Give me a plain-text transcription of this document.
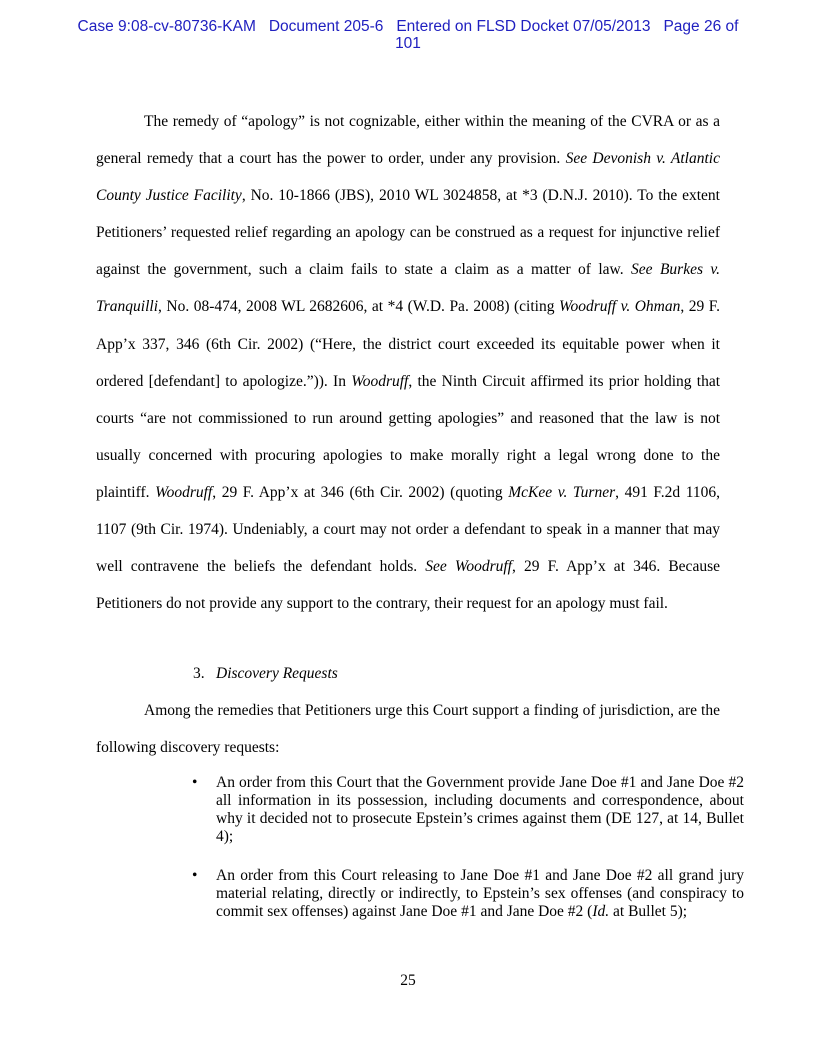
Case 9:08-cv-80736-KAM Document 205-6 Entered on FLSD Docket 07/05/2013 Page 26 of
101
The remedy of “apology” is not cognizable, either within the meaning of the CVRA or as a general remedy that a court has the power to order, under any provision. See Devonish v. Atlantic County Justice Facility, No. 10-1866 (JBS), 2010 WL 3024858, at *3 (D.N.J. 2010). To the extent Petitioners’ requested relief regarding an apology can be construed as a request for injunctive relief against the government, such a claim fails to state a claim as a matter of law. See Burkes v. Tranquilli, No. 08-474, 2008 WL 2682606, at *4 (W.D. Pa. 2008) (citing Woodruff v. Ohman, 29 F. App’x 337, 346 (6th Cir. 2002) (“Here, the district court exceeded its equitable power when it ordered [defendant] to apologize.”)). In Woodruff, the Ninth Circuit affirmed its prior holding that courts “are not commissioned to run around getting apologies” and reasoned that the law is not usually concerned with procuring apologies to make morally right a legal wrong done to the plaintiff. Woodruff, 29 F. App’x at 346 (6th Cir. 2002) (quoting McKee v. Turner, 491 F.2d 1106, 1107 (9th Cir. 1974). Undeniably, a court may not order a defendant to speak in a manner that may well contravene the beliefs the defendant holds. See Woodruff, 29 F. App’x at 346. Because Petitioners do not provide any support to the contrary, their request for an apology must fail.
3. Discovery Requests
Among the remedies that Petitioners urge this Court support a finding of jurisdiction, are the following discovery requests:
• An order from this Court that the Government provide Jane Doe #1 and Jane Doe #2 all information in its possession, including documents and correspondence, about why it decided not to prosecute Epstein’s crimes against them (DE 127, at 14, Bullet 4);
• An order from this Court releasing to Jane Doe #1 and Jane Doe #2 all grand jury material relating, directly or indirectly, to Epstein’s sex offenses (and conspiracy to commit sex offenses) against Jane Doe #1 and Jane Doe #2 (Id. at Bullet 5);
25
